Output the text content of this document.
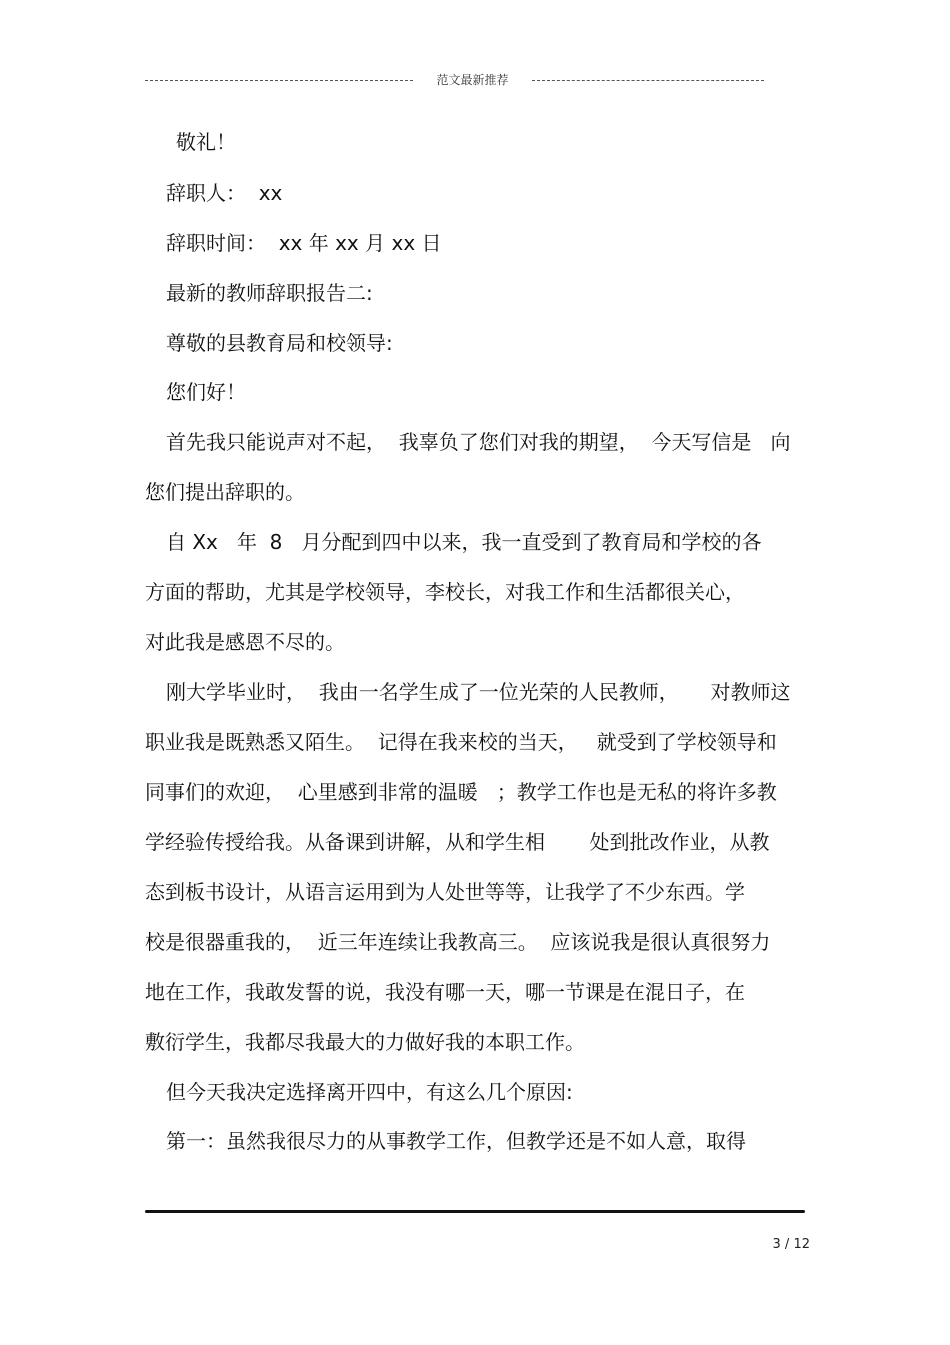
范文最新推荐
敬礼！
辞职人：  xx
辞职时间：  xx 年 xx 月 xx 日
最新的教师辞职报告二:
尊敬的县教育局和校领导:
您们好！
首先我只能说声对不起，  我辜负了您们对我的期望，  今天写信是   向
您们提出辞职的。
自 Xx   年  8   月分配到四中以来，我一直受到了教育局和学校的各
方面的帮助，尤其是学校领导，李校长，对我工作和生活都很关心，
对此我是感恩不尽的。
刚大学毕业时，  我由一名学生成了一位光荣的人民教师，     对教师这
职业我是既熟悉又陌生。  记得在我来校的当天，   就受到了学校领导和
同事们的欢迎，  心里感到非常的温暖   ；教学工作也是无私的将许多教
学经验传授给我。从备课到讲解，从和学生相       处到批改作业，从教
态到板书设计，从语言运用到为人处世等等，让我学了不少东西。学
校是很器重我的，  近三年连续让我教高三。  应该说我是很认真很努力
地在工作，我敢发誓的说，我没有哪一天，哪一节课是在混日子，在
敷衍学生，我都尽我最大的力做好我的本职工作。
但今天我决定选择离开四中，有这么几个原因:
第一：虽然我很尽力的从事教学工作，但教学还是不如人意，取得
3 / 12
